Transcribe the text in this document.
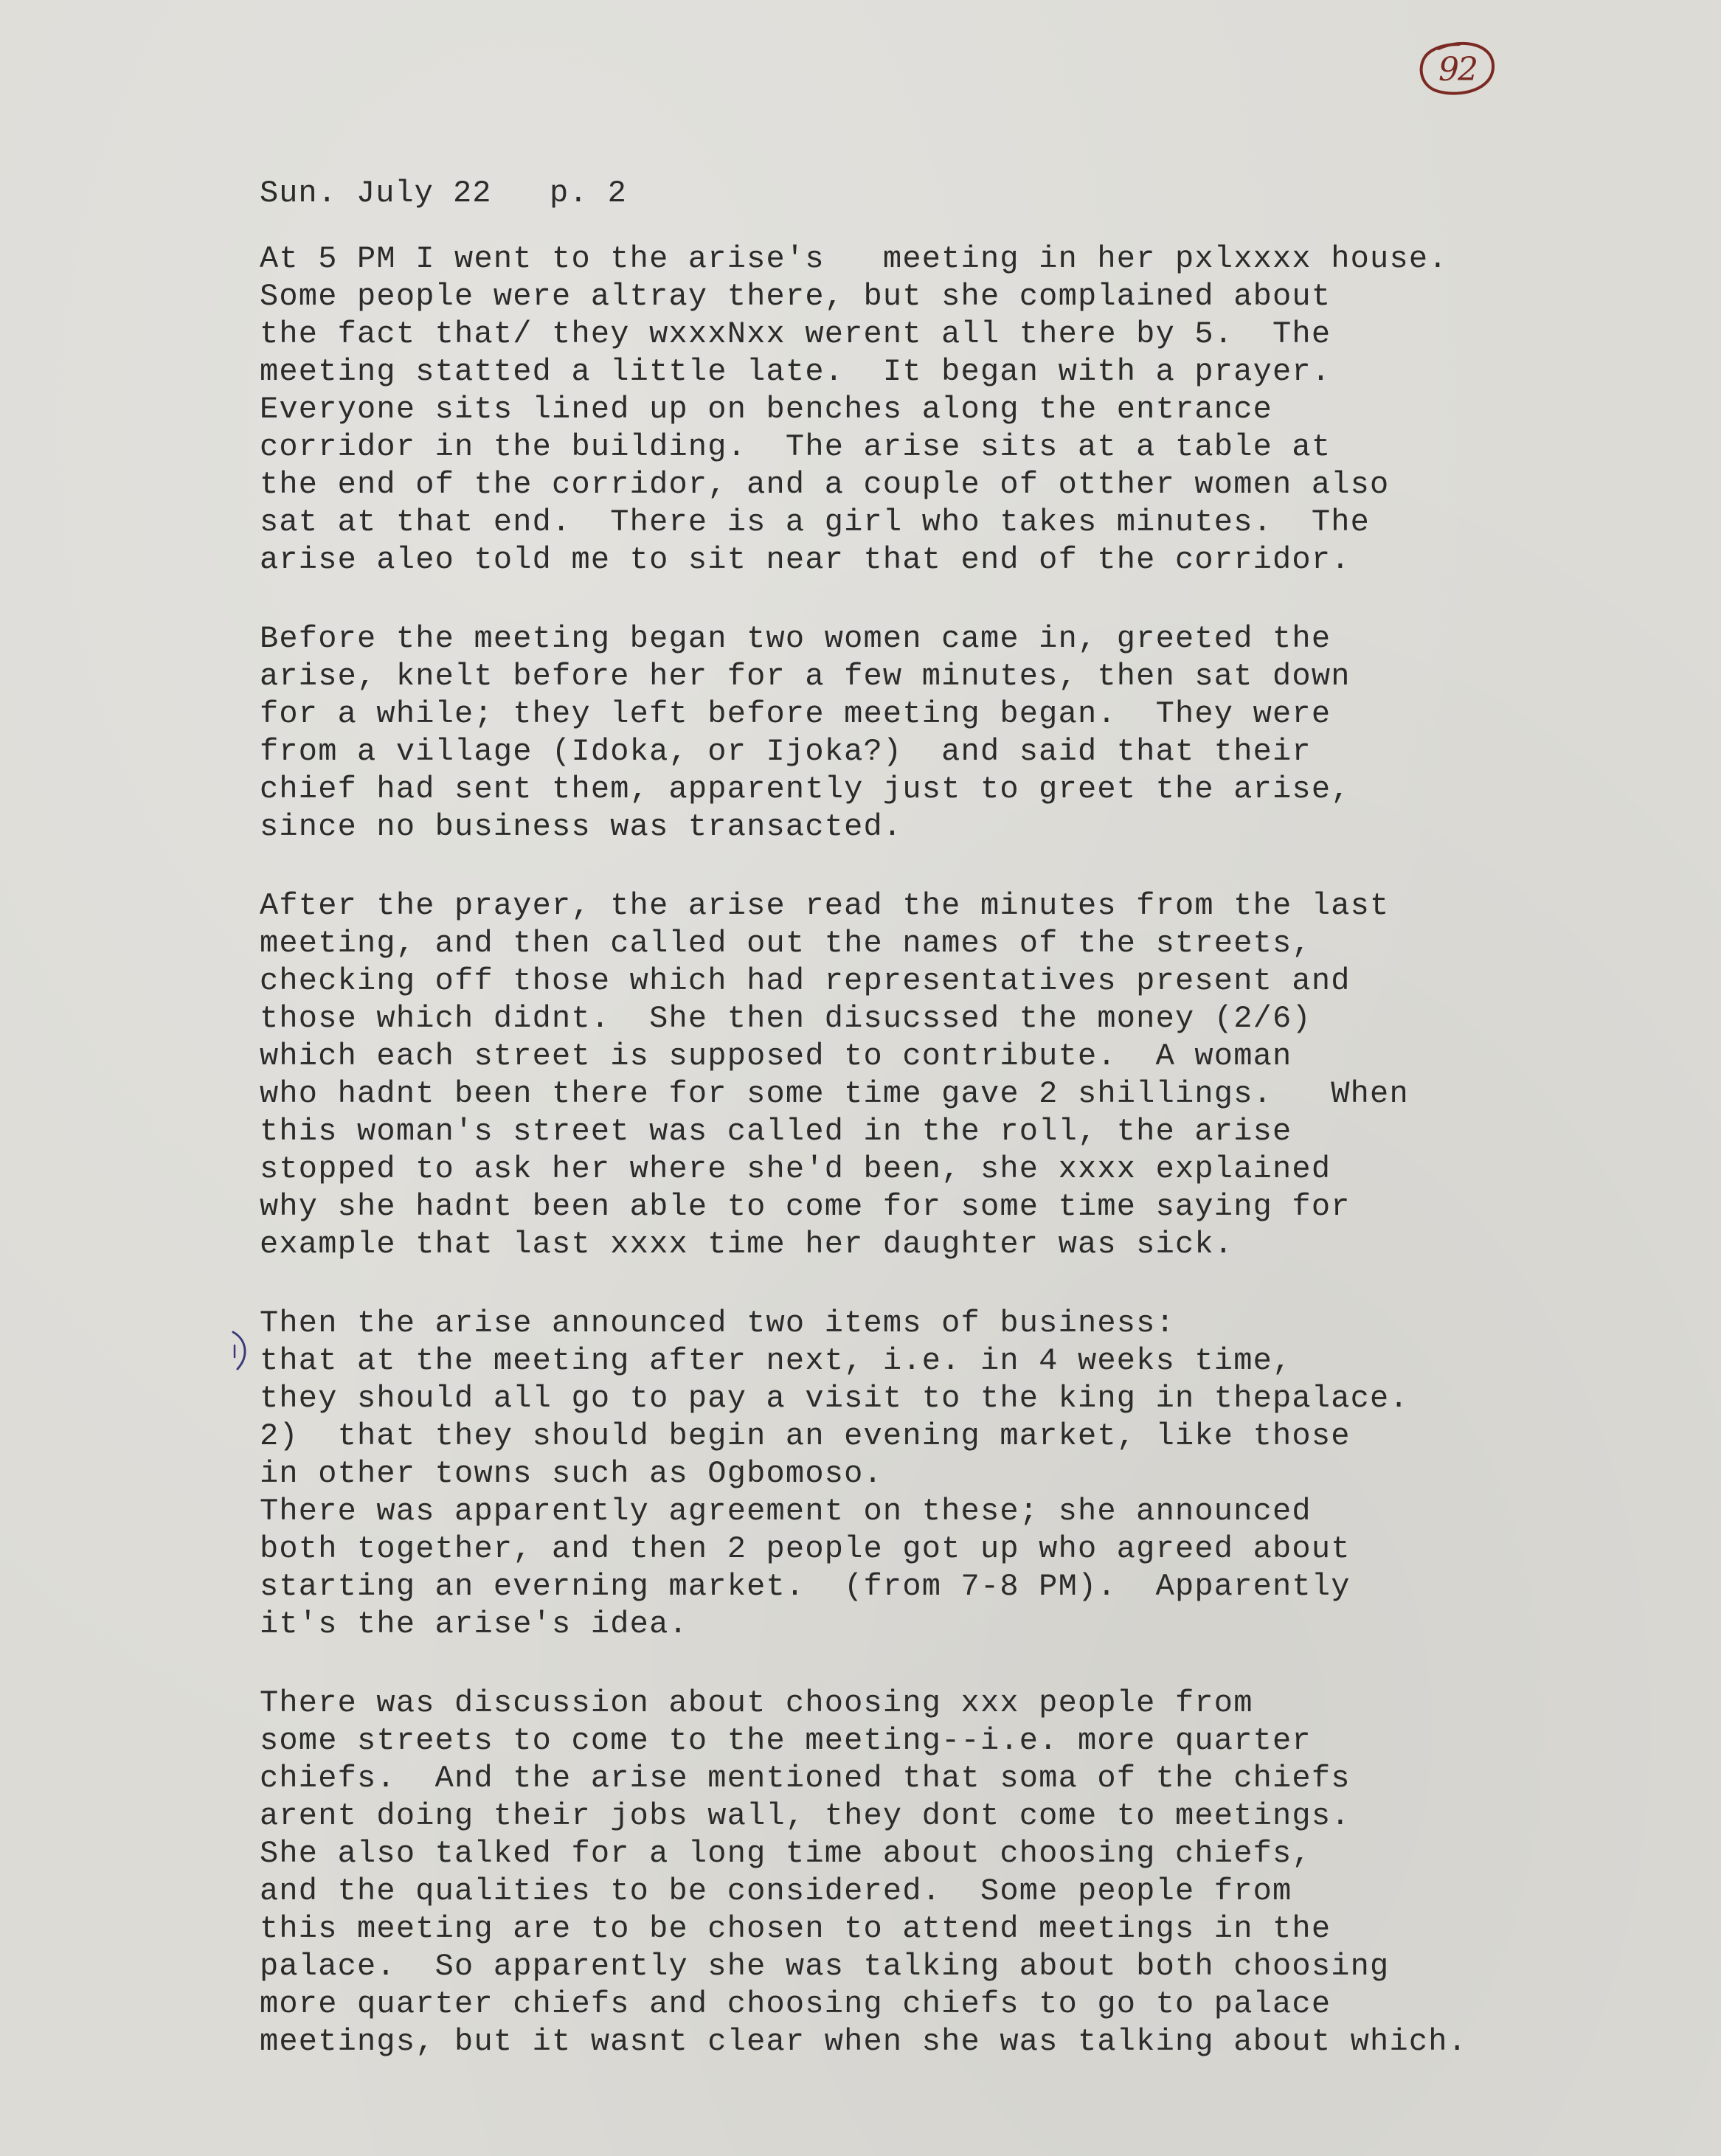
92
Sun. July 22   p. 2
At 5 PM I went to the arise's   meeting in her pxlxxxx house.
Some people were altray there, but she complained about
the fact that/ they wxxxNxx werent all there by 5.  The
meeting statted a little late.  It began with a prayer.
Everyone sits lined up on benches along the entrance
corridor in the building.  The arise sits at a table at
the end of the corridor, and a couple of otther women also
sat at that end.  There is a girl who takes minutes.  The
arise aleo told me to sit near that end of the corridor.
Before the meeting began two women came in, greeted the
arise, knelt before her for a few minutes, then sat down
for a while; they left before meeting began.  They were
from a village (Idoka, or Ijoka?)  and said that their
chief had sent them, apparently just to greet the arise,
since no business was transacted.
After the prayer, the arise read the minutes from the last
meeting, and then called out the names of the streets,
checking off those which had representatives present and
those which didnt.  She then disucssed the money (2/6)
which each street is supposed to contribute.  A woman
who hadnt been there for some time gave 2 shillings.   When
this woman's street was called in the roll, the arise
stopped to ask her where she'd been, she xxxx explained
why she hadnt been able to come for some time saying for
example that last xxxx time her daughter was sick.
Then the arise announced two items of business:
that at the meeting after next, i.e. in 4 weeks time,
they should all go to pay a visit to the king in thepalace.
2)  that they should begin an evening market, like those
in other towns such as Ogbomoso.
There was apparently agreement on these; she announced
both together, and then 2 people got up who agreed about
starting an everning market.  (from 7-8 PM).  Apparently
it's the arise's idea.
There was discussion about choosing xxx people from
some streets to come to the meeting--i.e. more quarter
chiefs.  And the arise mentioned that soma of the chiefs
arent doing their jobs wall, they dont come to meetings.
She also talked for a long time about choosing chiefs,
and the qualities to be considered.  Some people from
this meeting are to be chosen to attend meetings in the
palace.  So apparently she was talking about both choosing
more quarter chiefs and choosing chiefs to go to palace
meetings, but it wasnt clear when she was talking about which.
